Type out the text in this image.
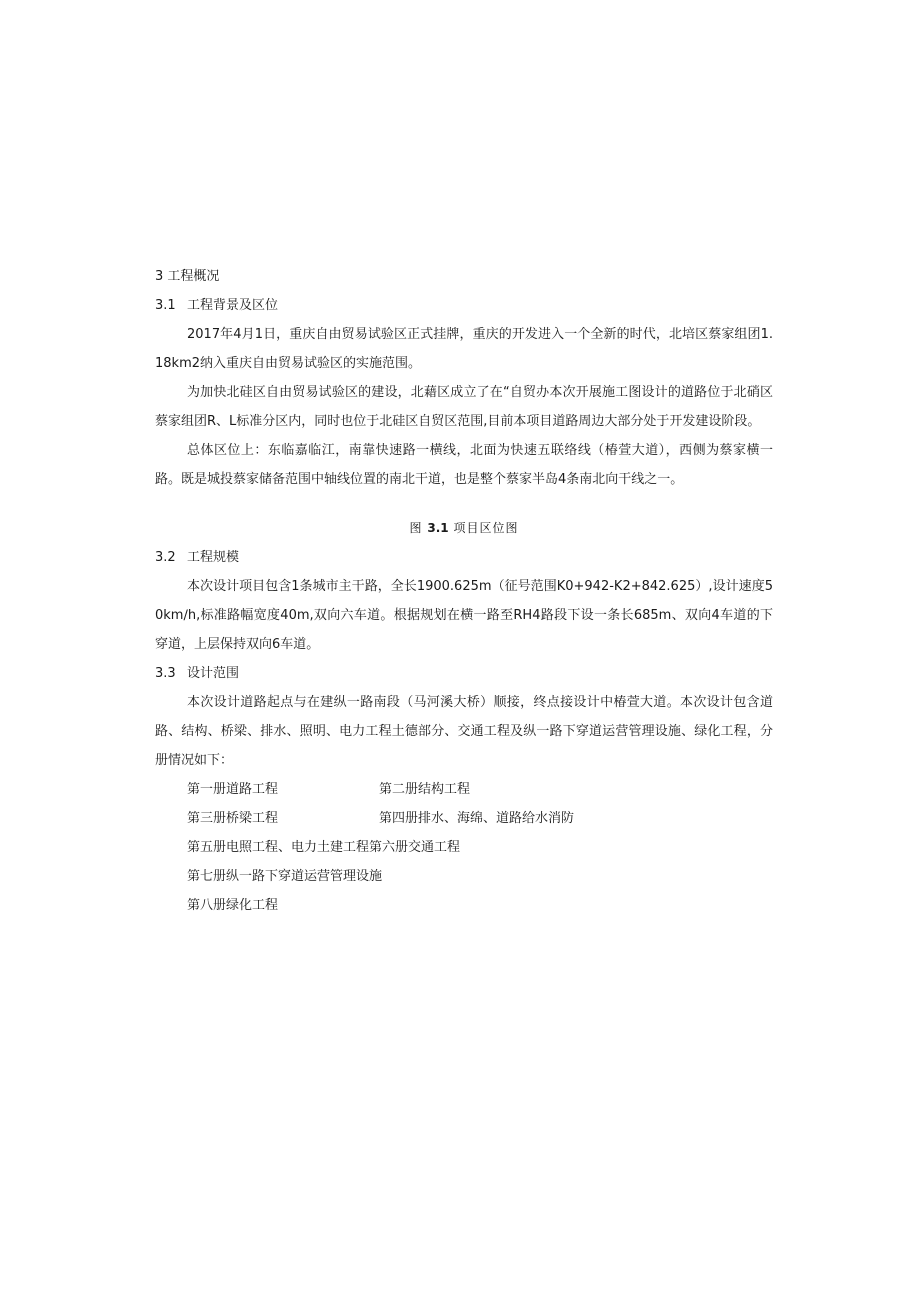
3 工程概况

3.1 工程背景及区位

2017年4月1日，重庆自由贸易试验区正式挂牌，重庆的开发进入一个全新的时代，北培区蔡家组团1.18km2纳入重庆自由贸易试验区的实施范围。

为加快北硅区自由贸易试验区的建设，北藉区成立了在“自贸办本次开展施工图设计的道路位于北硝区蔡家组团R、L标准分区内，同时也位于北硅区自贸区范围,目前本项目道路周边大部分处于开发建设阶段。

总体区位上：东临嘉临江，南靠快速路一横线，北面为快速五联络线（椿萱大道），西侧为蔡家横一路。既是城投蔡家储备范围中轴线位置的南北干道，也是整个蔡家半岛4条南北向干线之一。

图 3.1 项目区位图

3.2 工程规模

本次设计项目包含1条城市主干路，全长1900.625m（征号范围K0+942-K2+842.625）,设计速度50km∕h,标准路幅宽度40m,双向六车道。根据规划在横一路至RH4路段下设一条长685m、双向4车道的下穿道，上层保持双向6车道。

3.3 设计范围

本次设计道路起点与在建纵一路南段（马河溪大桥）顺接，终点接设计中椿萱大道。本次设计包含道路、结构、桥梁、排水、照明、电力工程土德部分、交通工程及纵一路下穿道运营管理设施、绿化工程，分册情况如下：

第一册道路工程	第二册结构工程

第三册桥梁工程	第四册排水、海绵、道路给水消防

第五册电照工程、电力土建工程第六册交通工程

第七册纵一路下穿道运营管理设施

第八册绿化工程
